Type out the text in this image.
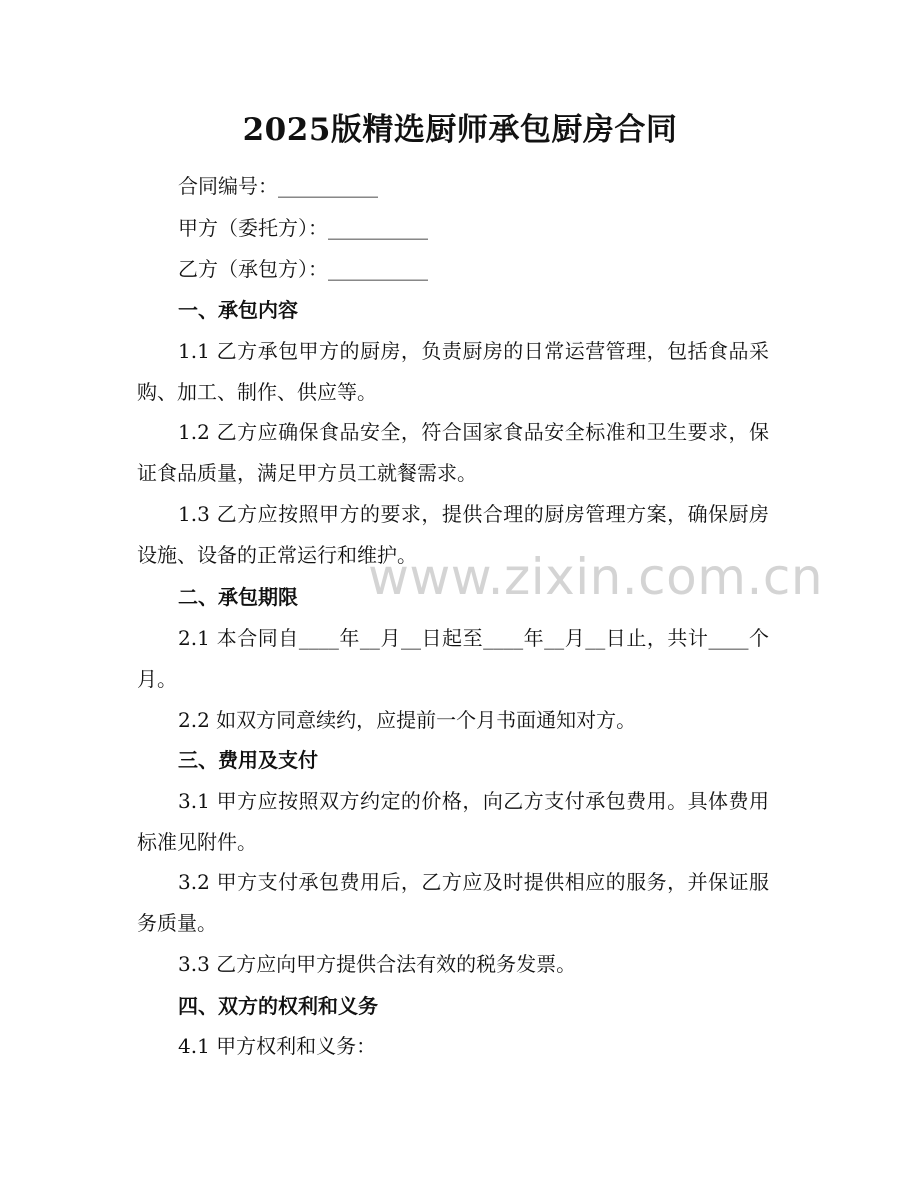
2025版精选厨师承包厨房合同
合同编号：__________
甲方（委托方）：__________
乙方（承包方）：__________
一、承包内容
1.1 乙方承包甲方的厨房，负责厨房的日常运营管理，包括食品采购、加工、制作、供应等。
1.2 乙方应确保食品安全，符合国家食品安全标准和卫生要求，保证食品质量，满足甲方员工就餐需求。
1.3 乙方应按照甲方的要求，提供合理的厨房管理方案，确保厨房设施、设备的正常运行和维护。
二、承包期限
2.1 本合同自____年__月__日起至____年__月__日止，共计____个月。
2.2 如双方同意续约，应提前一个月书面通知对方。
三、费用及支付
3.1 甲方应按照双方约定的价格，向乙方支付承包费用。具体费用标准见附件。
3.2 甲方支付承包费用后，乙方应及时提供相应的服务，并保证服务质量。
3.3 乙方应向甲方提供合法有效的税务发票。
四、双方的权利和义务
4.1 甲方权利和义务：
www.zixin.com.cn
